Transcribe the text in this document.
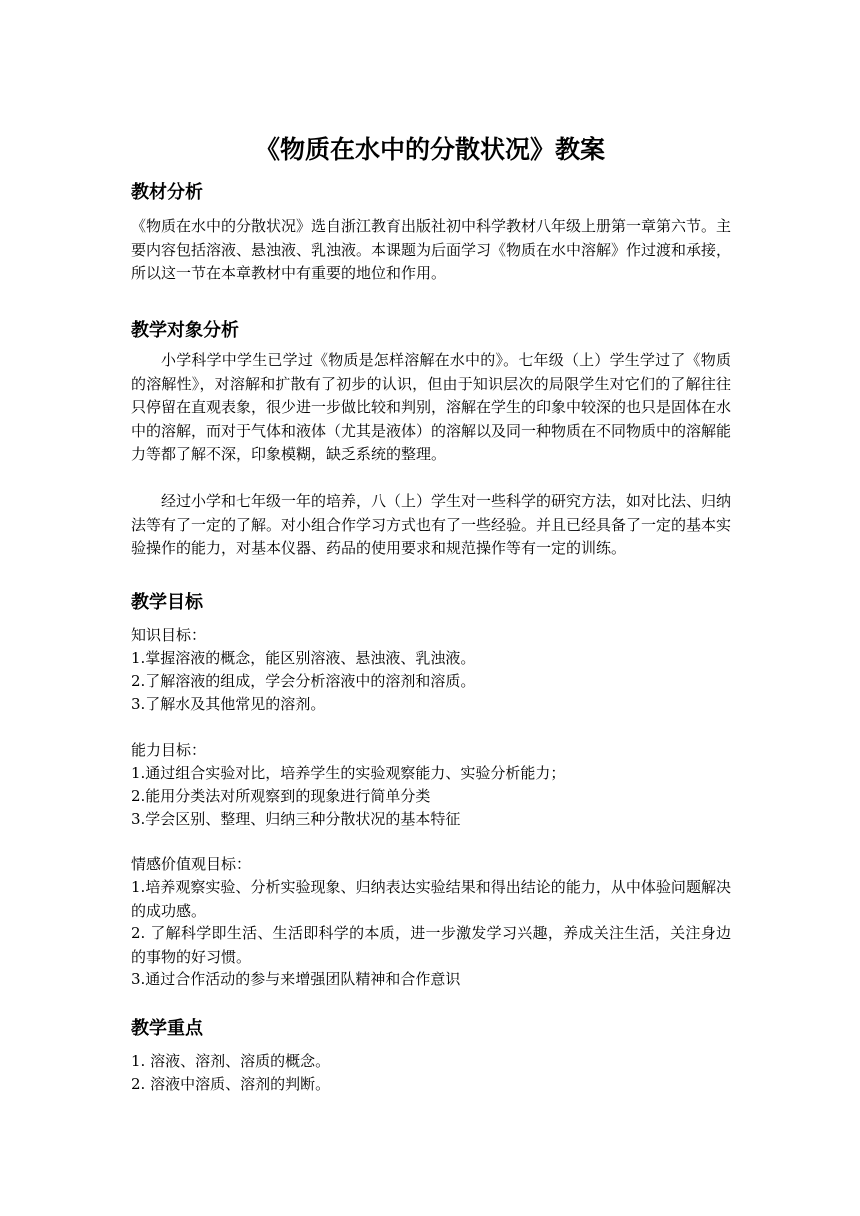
《物质在水中的分散状况》教案
教材分析

《物质在水中的分散状况》选自浙江教育出版社初中科学教材八年级上册第一章第六节。主要内容包括溶液、悬浊液、乳浊液。本课题为后面学习《物质在水中溶解》作过渡和承接，所以这一节在本章教材中有重要的地位和作用。

教学对象分析

小学科学中学生已学过《物质是怎样溶解在水中的》。七年级（上）学生学过了《物质的溶解性》，对溶解和扩散有了初步的认识，但由于知识层次的局限学生对它们的了解往往只停留在直观表象，很少进一步做比较和判别，溶解在学生的印象中较深的也只是固体在水中的溶解，而对于气体和液体（尤其是液体）的溶解以及同一种物质在不同物质中的溶解能力等都了解不深，印象模糊，缺乏系统的整理。

经过小学和七年级一年的培养，八（上）学生对一些科学的研究方法，如对比法、归纳法等有了一定的了解。对小组合作学习方式也有了一些经验。并且已经具备了一定的基本实验操作的能力，对基本仪器、药品的使用要求和规范操作等有一定的训练。

教学目标

知识目标：

1.掌握溶液的概念，能区别溶液、悬浊液、乳浊液。

2.了解溶液的组成，学会分析溶液中的溶剂和溶质。

3.了解水及其他常见的溶剂。

能力目标：

1.通过组合实验对比，培养学生的实验观察能力、实验分析能力；

2.能用分类法对所观察到的现象进行简单分类

3.学会区别、整理、归纳三种分散状况的基本特征

情感价值观目标：

1.培养观察实验、分析实验现象、归纳表达实验结果和得出结论的能力，从中体验问题解决的成功感。

2. 了解科学即生活、生活即科学的本质，进一步激发学习兴趣，养成关注生活，关注身边的事物的好习惯。

3.通过合作活动的参与来增强团队精神和合作意识

教学重点

1. 溶液、溶剂、溶质的概念。

2. 溶液中溶质、溶剂的判断。
